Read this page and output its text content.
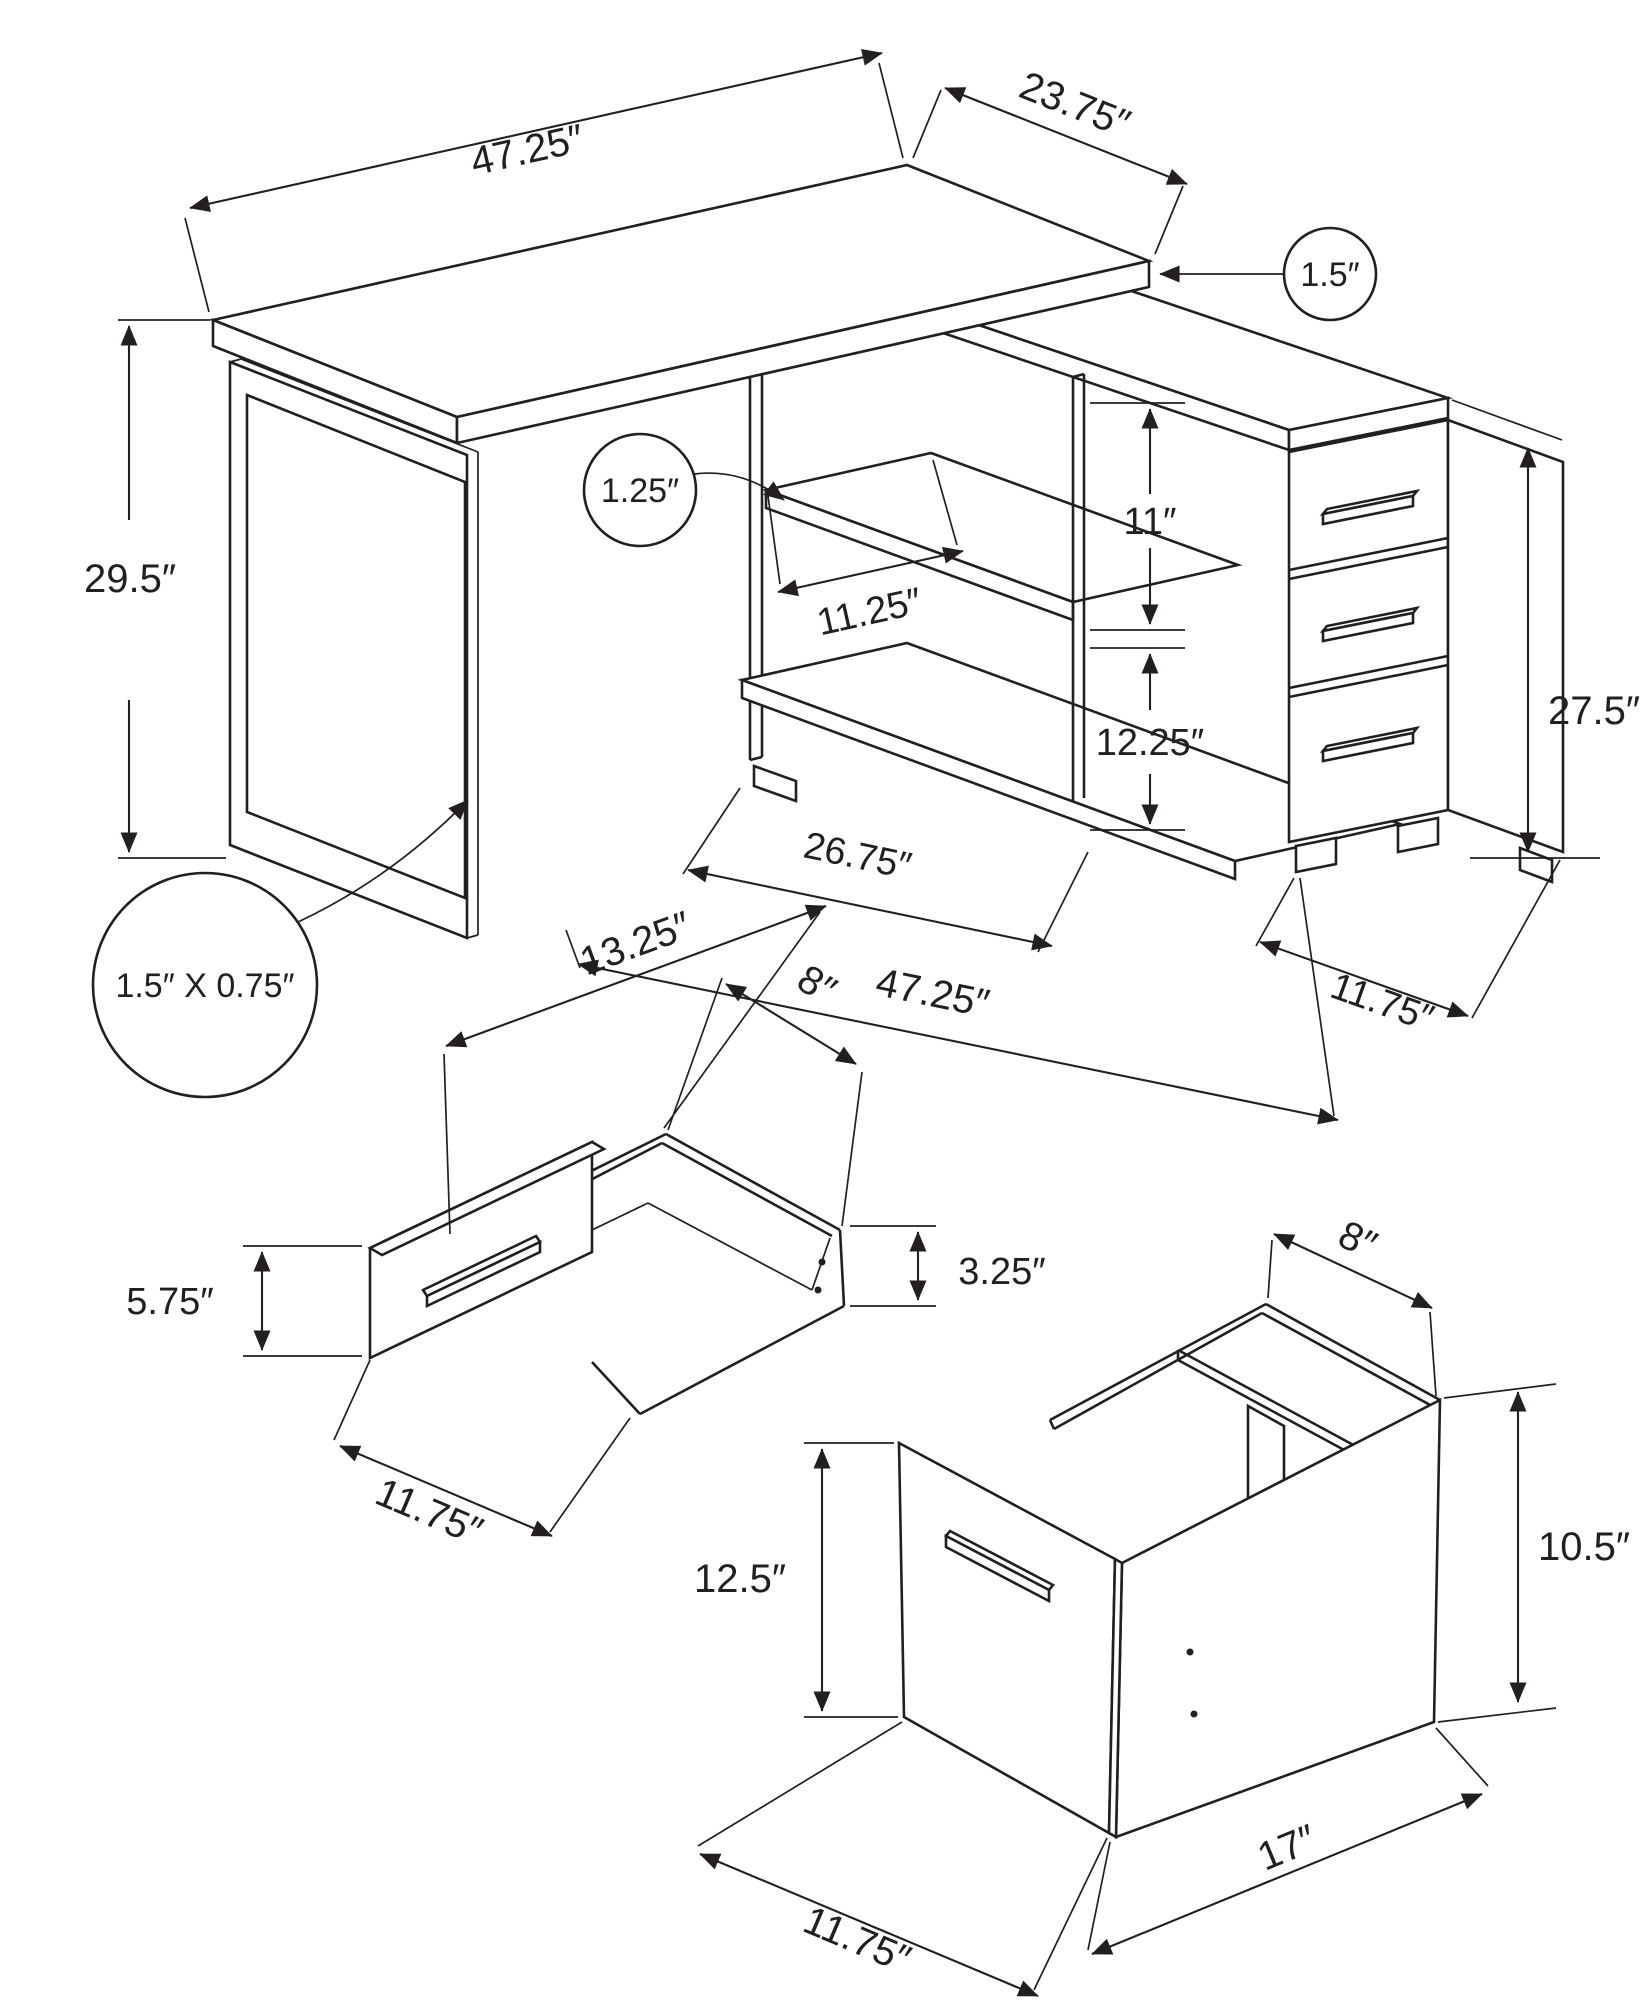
47.25″
23.75″
1.5″
29.5″
1.5″ X 0.75″
1.25″
11.25″
11″
12.25″
27.5″
26.75″
47.25″	11.75″
13.25″
8″
5.75″
3.25″
11.75″
8″
10.5″
12.5″
17″
11.75″
